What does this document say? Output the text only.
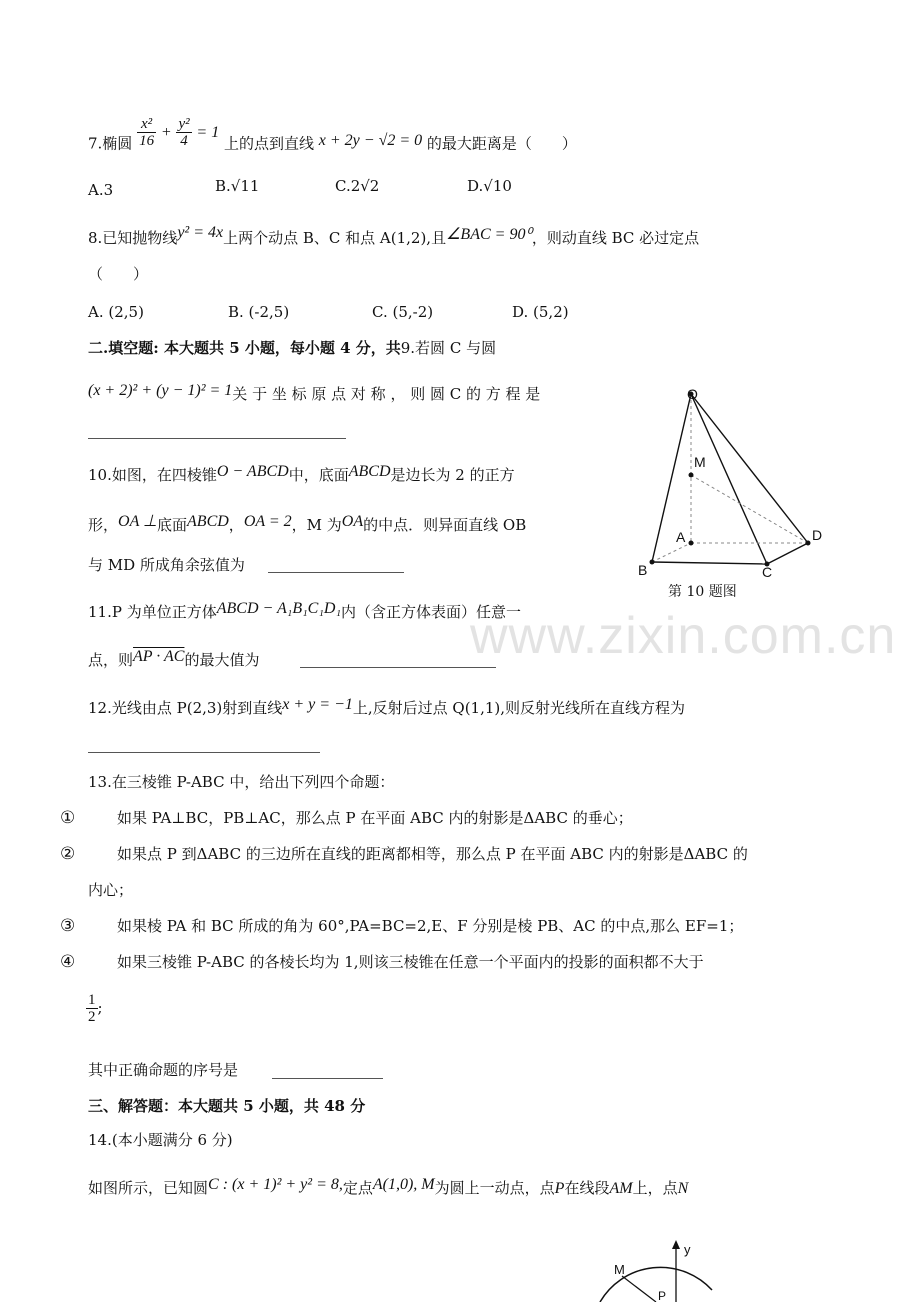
www.zixin.com.cn
7.椭圆 $\frac{\text{x²}}{16} + \frac{\text{y²}}{4} = 1$ 上的点到直线 x + 2y − √2 = 0 的最大距离是（　　）
A.3	B.√11	C.2√2	D.√10
8.已知抛物线y² = 4x上两个动点 B、C 和点 A(1,2),且∠BAC = 90⁰，则动直线 BC 必过定点
（　　）
A. (2,5)	B. (-2,5)	C. (5,-2)	D. (5,2)
二.填空题: 本大题共 5 小题，每小题 4 分，共9.若圆 C 与圆
(x + 2)² + (y − 1)² = 1关 于 坐 标 原 点 对 称 ， 则 圆 C 的 方 程 是
10.如图，在四棱锥O − ABCD中，底面ABCD是边长为 2 的正方
形，OA ⊥底面ABCD，OA = 2，M 为OA的中点．则异面直线 OB
与 MD 所成角余弦值为
O
M
A
B	C
D
第 10 题图
11.P 为单位正方体ABCD − A₁B₁C₁D₁内（含正方体表面）任意一
点，则AP · AC的最大值为
12.光线由点 P(2,3)射到直线x + y = −1上,反射后过点 Q(1,1),则反射光线所在直线方程为
13.在三棱锥 P-ABC 中，给出下列四个命题：
①	如果 PA⊥BC，PB⊥AC，那么点 P 在平面 ABC 内的射影是ΔABC 的垂心；
②	如果点 P 到ΔABC 的三边所在直线的距离都相等，那么点 P 在平面 ABC 内的射影是ΔABC 的
内心；
③	如果棱 PA 和 BC 所成的角为 60°,PA=BC=2,E、F 分别是棱 PB、AC 的中点,那么 EF=1；
④	如果三棱锥 P-ABC 的各棱长均为 1,则该三棱锥在任意一个平面内的投影的面积都不大于
$\frac{1}{2}$ ;
其中正确命题的序号是
三、解答题：本大题共 5 小题，共 48 分
14.(本小题满分 6 分)
如图所示，已知圆C : (x + 1)² + y² = 8,定点A(1,0), M为圆上一动点，点P在线段AM上，点N
y
M
P
